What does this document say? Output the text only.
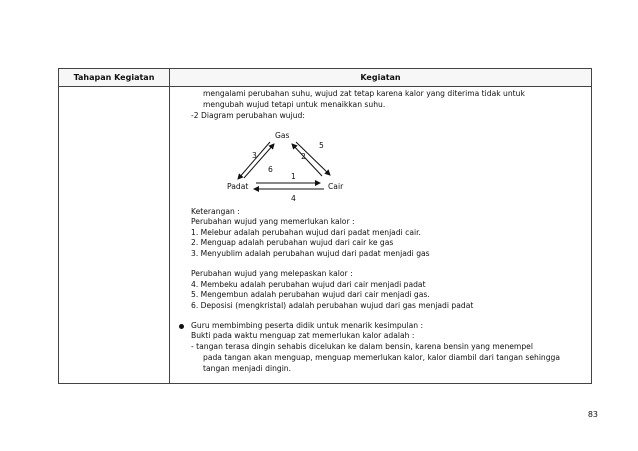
Tahapan Kegiatan	Kegiatan
mengalami perubahan suhu, wujud zat tetap karena kalor yang diterima tidak untuk
mengubah wujud tetapi untuk menaikkan suhu.
-2 Diagram perubahan wujud:
Gas
Padat	Cair
3
6
2
5
1
4
Keterangan :
Perubahan wujud yang memerlukan kalor :
1. Melebur adalah perubahan wujud dari padat menjadi cair.
2. Menguap adalah perubahan wujud dari cair ke gas
3. Menyublim adalah perubahan wujud dari padat menjadi gas
Perubahan wujud yang melepaskan kalor :
4. Membeku adalah perubahan wujud dari cair menjadi padat
5. Mengembun adalah perubahan wujud dari cair menjadi gas.
6. Deposisi (mengkristal) adalah perubahan wujud dari gas menjadi padat
Guru membimbing peserta didik untuk menarik kesimpulan :
Bukti pada waktu menguap zat memerlukan kalor adalah :
- tangan terasa dingin sehabis dicelukan ke dalam bensin, karena bensin yang menempel
pada tangan akan menguap, menguap memerlukan kalor, kalor diambil dari tangan sehingga
tangan menjadi dingin.
83
